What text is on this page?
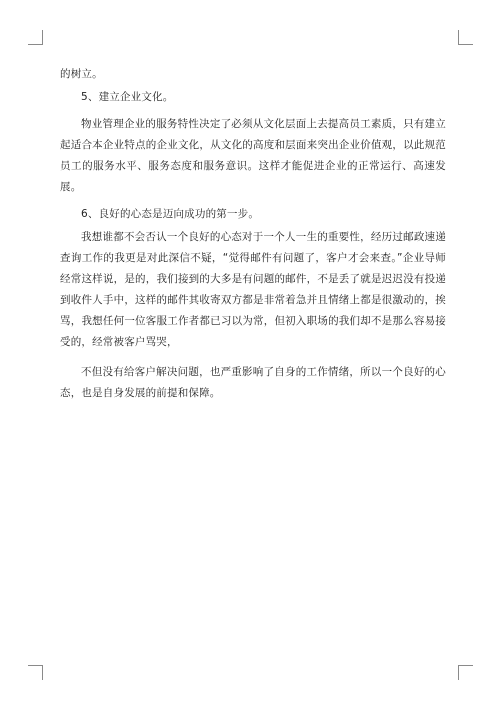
的树立。

5、建立企业文化。

物业管理企业的服务特性决定了必须从文化层面上去提高员工素质，只有建立起适合本企业特点的企业文化，从文化的高度和层面来突出企业价值观，以此规范员工的服务水平、服务态度和服务意识。这样才能促进企业的正常运行、高速发展。

6、良好的心态是迈向成功的第一步。

我想谁都不会否认一个良好的心态对于一个人一生的重要性，经历过邮政速递查询工作的我更是对此深信不疑，“觉得邮件有问题了，客户才会来查。”企业导师经常这样说，是的，我们接到的大多是有问题的邮件，不是丢了就是迟迟没有投递到收件人手中，这样的邮件其收寄双方都是非常着急并且情绪上都是很激动的，挨骂，我想任何一位客服工作者都已习以为常，但初入职场的我们却不是那么容易接受的，经常被客户骂哭，

不但没有给客户解决问题，也严重影响了自身的工作情绪，所以一个良好的心态，也是自身发展的前提和保障。
